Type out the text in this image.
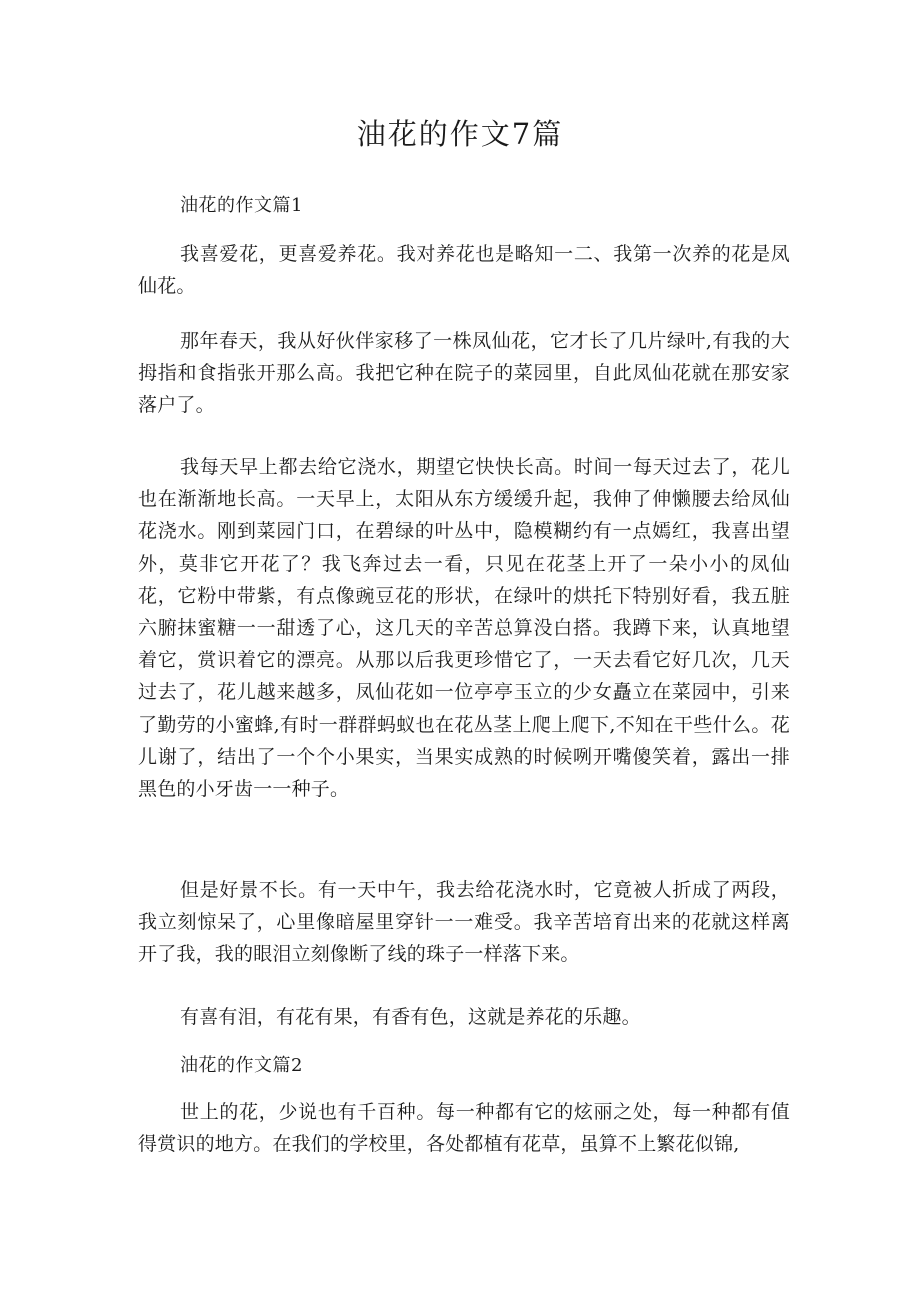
油花的作文7篇
油花的作文篇1

我喜爱花，更喜爱养花。我对养花也是略知一二、我第一次养的花是凤仙花。

那年春天，我从好伙伴家移了一株凤仙花，它才长了几片绿叶,有我的大拇指和食指张开那么高。我把它种在院子的菜园里，自此凤仙花就在那安家落户了。

我每天早上都去给它浇水，期望它快快长高。时间一每天过去了，花儿也在渐渐地长高。一天早上，太阳从东方缓缓升起，我伸了伸懒腰去给凤仙花浇水。刚到菜园门口，在碧绿的叶丛中，隐模糊约有一点嫣红，我喜出望外，莫非它开花了？我飞奔过去一看，只见在花茎上开了一朵小小的凤仙花，它粉中带紫，有点像豌豆花的形状，在绿叶的烘托下特别好看，我五脏六腑抹蜜糖一一甜透了心，这几天的辛苦总算没白搭。我蹲下来，认真地望着它，赏识着它的漂亮。从那以后我更珍惜它了，一天去看它好几次，几天过去了，花儿越来越多，凤仙花如一位亭亭玉立的少女矗立在菜园中，引来了勤劳的小蜜蜂,有时一群群蚂蚁也在花丛茎上爬上爬下,不知在干些什么。花儿谢了，结出了一个个小果实，当果实成熟的时候咧开嘴傻笑着，露出一排黑色的小牙齿一一种子。

但是好景不长。有一天中午，我去给花浇水时，它竟被人折成了两段，我立刻惊呆了，心里像暗屋里穿针一一难受。我辛苦培育出来的花就这样离开了我，我的眼泪立刻像断了线的珠子一样落下来。

有喜有泪，有花有果，有香有色，这就是养花的乐趣。

油花的作文篇2

世上的花，少说也有千百种。每一种都有它的炫丽之处，每一种都有值得赏识的地方。在我们的学校里，各处都植有花草，虽算不上繁花似锦,
